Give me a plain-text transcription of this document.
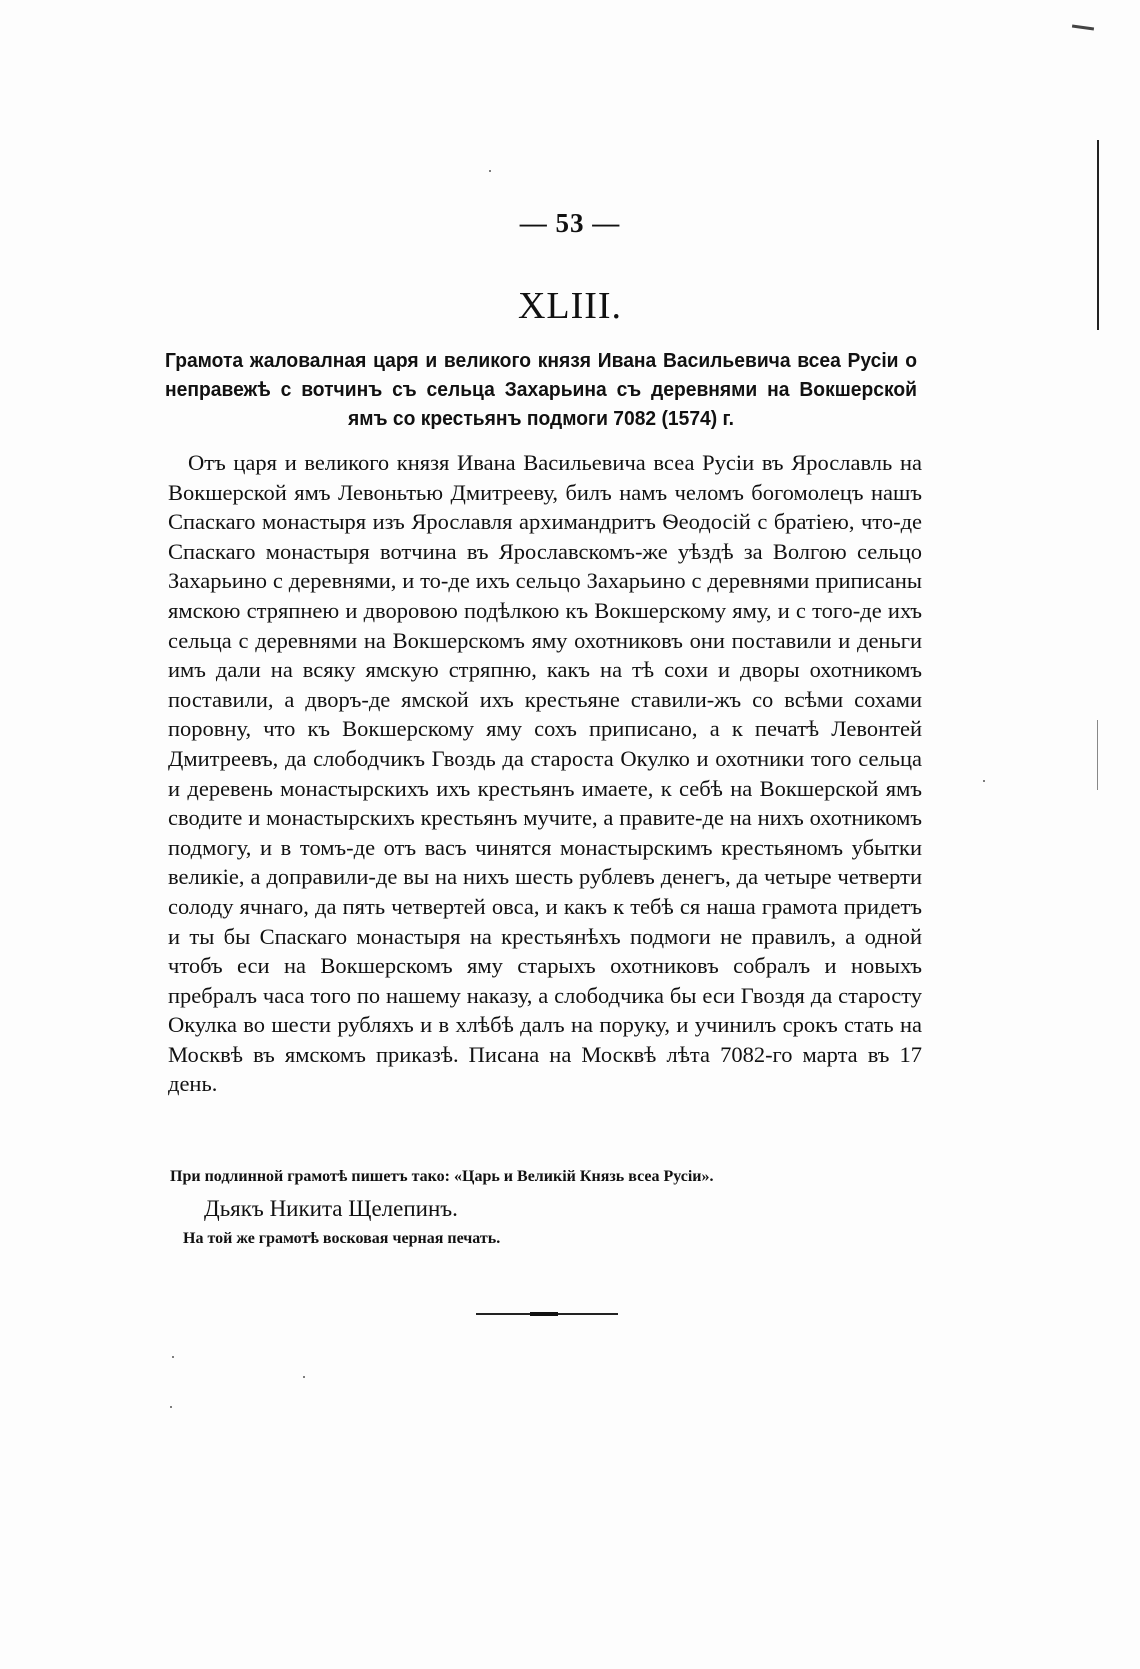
— 53 —
XLIII.
Грамота жаловалная царя и великого князя Ивана Васильевича всеа Русіи о неправежѣ с вотчинъ съ сельца Захарьина съ деревнями на Вокшерской ямъ со крестьянъ подмоги 7082 (1574) г.

Отъ царя и великого князя Ивана Васильевича всеа Русіи въ Ярославль на Вокшерской ямъ Левоньтью Дмитрееву, билъ намъ челомъ богомолецъ нашъ Спаскаго монастыря изъ Ярославля архимандритъ Ѳеодосій с братіею, что-де Спаскаго монастыря вотчина въ Ярославскомъ-же уѣздѣ за Волгою сельцо Захарьино с деревнями, и то-де ихъ сельцо Захарьино с деревнями приписаны ямскою стряпнею и дворовою подѣлкою къ Вокшерскому яму, и с того-де ихъ сельца с деревнями на Вокшерскомъ яму охотниковъ они поставили и деньги имъ дали на всяку ямскую стряпню, какъ на тѣ сохи и дворы охотникомъ поставили, а дворъ-де ямской ихъ крестьяне ставили-жъ со всѣми сохами поровну, что къ Вокшерскому яму сохъ приписано, а к печатѣ Левонтей Дмитреевъ, да слободчикъ Гвоздь да староста Окулко и охотники того сельца и деревень монастырскихъ ихъ крестьянъ имаете, к себѣ на Вокшерской ямъ сводите и монастырскихъ крестьянъ мучите, а правите-де на нихъ охотникомъ подмогу, и в томъ-де отъ васъ чинятся монастырскимъ крестьяномъ убытки великіе, а доправили-де вы на нихъ шесть рублевъ денегъ, да четыре четверти солоду ячнаго, да пять четвертей овса, и какъ к тебѣ ся наша грамота придетъ и ты бы Спаскаго монастыря на крестьянѣхъ подмоги не правилъ, а одной чтобъ еси на Вокшерскомъ яму старыхъ охотниковъ собралъ и новыхъ пребралъ часа того по нашему наказу, а слободчика бы еси Гвоздя да старосту Окулка во шести рубляхъ и в хлѣбѣ далъ на поруку, и учинилъ срокъ стать на Москвѣ въ ямскомъ приказѣ. Писана на Москвѣ лѣта 7082-го марта въ 17 день.

При подлинной грамотѣ пишетъ тако: «Царь и Великій Князь всеа Русіи».
Дьякъ Никита Щелепинъ.
На той же грамотѣ восковая черная печать.
